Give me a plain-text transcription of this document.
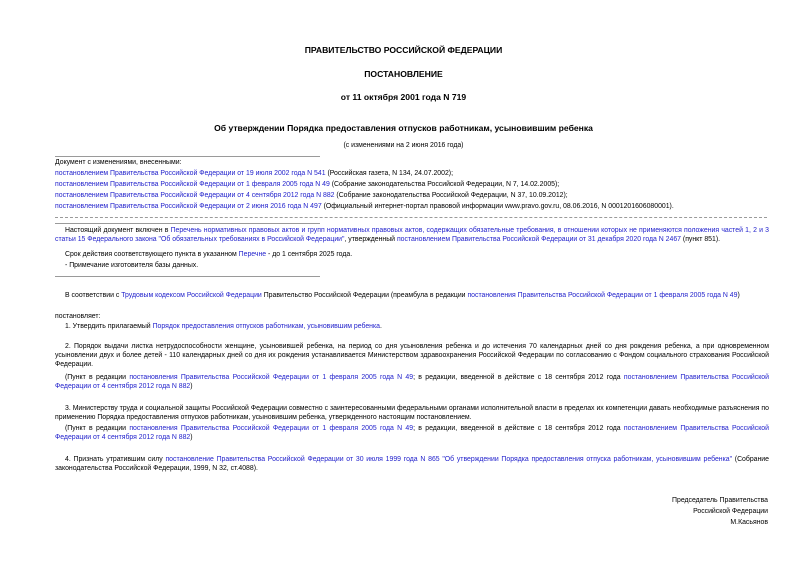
ПРАВИТЕЛЬСТВО РОССИЙСКОЙ ФЕДЕРАЦИИ
ПОСТАНОВЛЕНИЕ
от 11 октября 2001 года N 719
Об утверждении Порядка предоставления отпусков работникам, усыновившим ребенка
(с изменениями на 2 июня 2016 года)
Документ с изменениями, внесенными:
постановлением Правительства Российской Федерации от 19 июля 2002 года N 541 (Российская газета, N 134, 24.07.2002);
постановлением Правительства Российской Федерации от 1 февраля 2005 года N 49 (Собрание законодательства Российской Федерации, N 7, 14.02.2005);
постановлением Правительства Российской Федерации от 4 сентября 2012 года N 882 (Собрание законодательства Российской Федерации, N 37, 10.09.2012);
постановлением Правительства Российской Федерации от 2 июня 2016 года N 497 (Официальный интернет-портал правовой информации www.pravo.gov.ru, 08.06.2016, N 0001201606080001).
Настоящий документ включен в Перечень нормативных правовых актов и групп нормативных правовых актов, содержащих обязательные требования, в отношении которых не применяются положения частей 1, 2 и 3 статьи 15 Федерального закона "Об обязательных требованиях в Российской Федерации", утвержденный постановлением Правительства Российской Федерации от 31 декабря 2020 года N 2467 (пункт 851).
Срок действия соответствующего пункта в указанном Перечне - до 1 сентября 2025 года.
- Примечание изготовителя базы данных.
В соответствии с Трудовым кодексом Российской Федерации Правительство Российской Федерации (преамбула в редакции постановления Правительства Российской Федерации от 1 февраля 2005 года N 49)
постановляет:
1. Утвердить прилагаемый Порядок предоставления отпусков работникам, усыновившим ребенка.
2. Порядок выдачи листка нетрудоспособности женщине, усыновившей ребенка, на период со дня усыновления ребенка и до истечения 70 календарных дней со дня рождения ребенка, а при одновременном усыновлении двух и более детей - 110 календарных дней со дня их рождения устанавливается Министерством здравоохранения Российской Федерации по согласованию с Фондом социального страхования Российской Федерации.
(Пункт в редакции постановления Правительства Российской Федерации от 1 февраля 2005 года N 49; в редакции, введенной в действие с 18 сентября 2012 года постановлением Правительства Российской Федерации от 4 сентября 2012 года N 882)
3. Министерству труда и социальной защиты Российской Федерации совместно с заинтересованными федеральными органами исполнительной власти в пределах их компетенции давать необходимые разъяснения по применению Порядка предоставления отпусков работникам, усыновившим ребенка, утвержденного настоящим постановлением.
(Пункт в редакции постановления Правительства Российской Федерации от 1 февраля 2005 года N 49; в редакции, введенной в действие с 18 сентября 2012 года постановлением Правительства Российской Федерации от 4 сентября 2012 года N 882)
4. Признать утратившим силу постановление Правительства Российской Федерации от 30 июля 1999 года N 865 "Об утверждении Порядка предоставления отпуска работникам, усыновившим ребенка" (Собрание законодательства Российской Федерации, 1999, N 32, ст.4088).
Председатель Правительства
Российской Федерации
М.Касьянов
